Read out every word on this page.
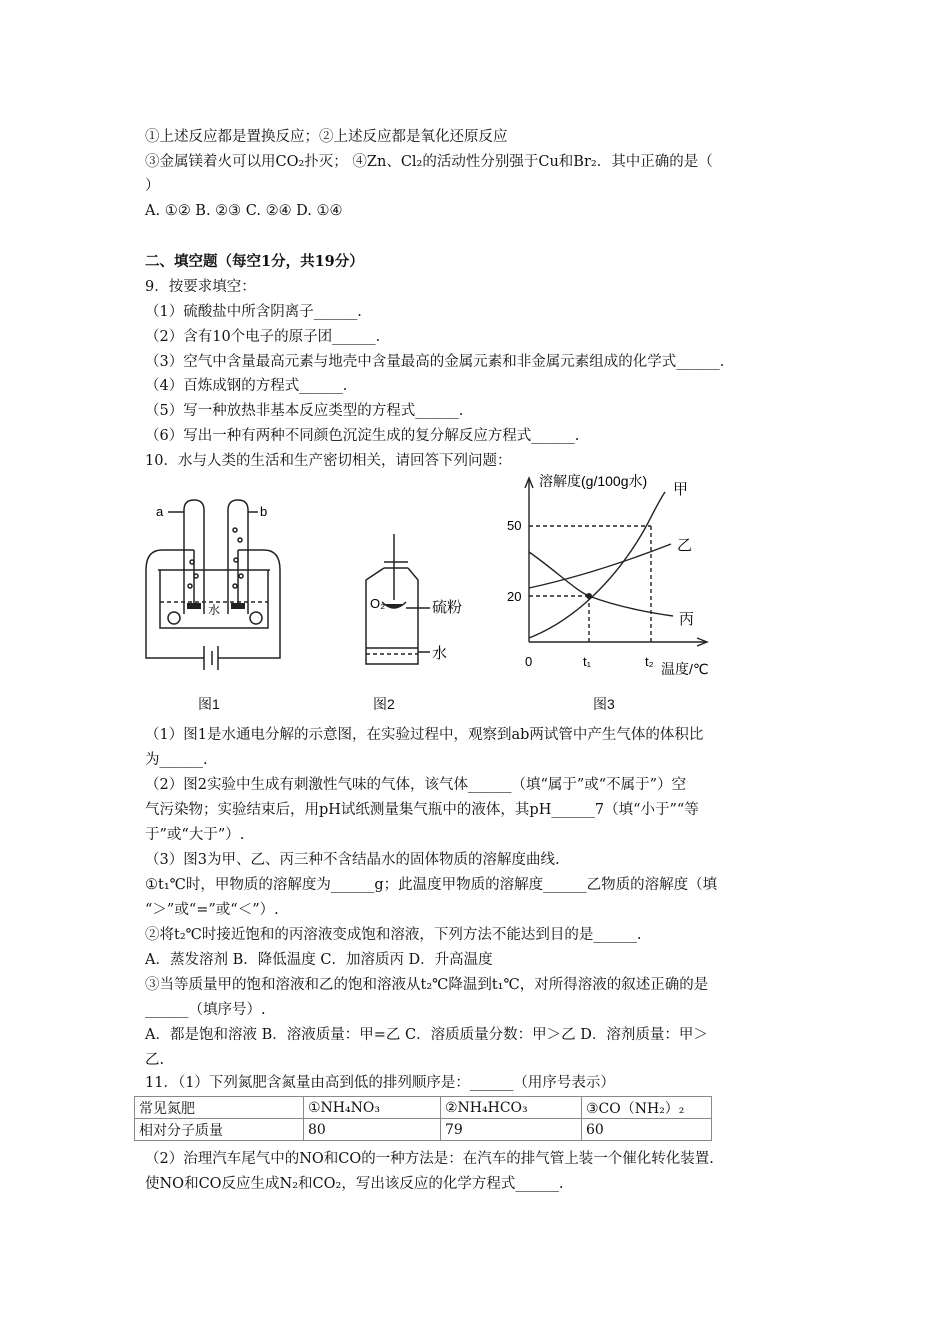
①上述反应都是置换反应；②上述反应都是氧化还原反应
③金属镁着火可以用CO₂扑灭； ④Zn、Cl₂的活动性分别强于Cu和Br₂．其中正确的是（
）
A. ①② B. ②③ C. ②④ D. ①④
二、填空题（每空1分，共19分）
9．按要求填空：
（1）硫酸盐中所含阴离子______.
（2）含有10个电子的原子团______.
（3）空气中含量最高元素与地壳中含量最高的金属元素和非金属元素组成的化学式______.
（4）百炼成钢的方程式______.
（5）写一种放热非基本反应类型的方程式______.
（6）写出一种有两种不同颜色沉淀生成的复分解反应方程式______.
10．水与人类的生活和生产密切相关，请回答下列问题：
a	b
水
图1
O₂	硫粉
水
图2
溶解度(g/100g水) 甲
乙
丙
50
20
0	t₁	t₂ 温度/℃
图3
（1）图1是水通电分解的示意图，在实验过程中，观察到ab两试管中产生气体的体积比
为______.
（2）图2实验中生成有刺激性气味的气体，该气体______（填“属于”或“不属于”）空
气污染物；实验结束后，用pH试纸测量集气瓶中的液体，其pH______7（填“小于”“等
于”或“大于”）.
（3）图3为甲、乙、丙三种不含结晶水的固体物质的溶解度曲线.
①t₁℃时，甲物质的溶解度为______g；此温度甲物质的溶解度______乙物质的溶解度（填
“＞”或“=”或“＜”）.
②将t₂℃时接近饱和的丙溶液变成饱和溶液，下列方法不能达到目的是______.
A．蒸发溶剂 B．降低温度 C．加溶质丙 D．升高温度
③当等质量甲的饱和溶液和乙的饱和溶液从t₂℃降温到t₁℃，对所得溶液的叙述正确的是
______（填序号）.
A．都是饱和溶液 B．溶液质量：甲=乙 C．溶质质量分数：甲＞乙 D．溶剂质量：甲＞
乙.
11．（1）下列氮肥含氮量由高到低的排列顺序是：______（用序号表示）
常见氮肥	①NH₄NO₃	②NH₄HCO₃	③CO（NH₂）₂
相对分子质量	80	79	60
（2）治理汽车尾气中的NO和CO的一种方法是：在汽车的排气管上装一个催化转化装置.
使NO和CO反应生成N₂和CO₂，写出该反应的化学方程式______.
